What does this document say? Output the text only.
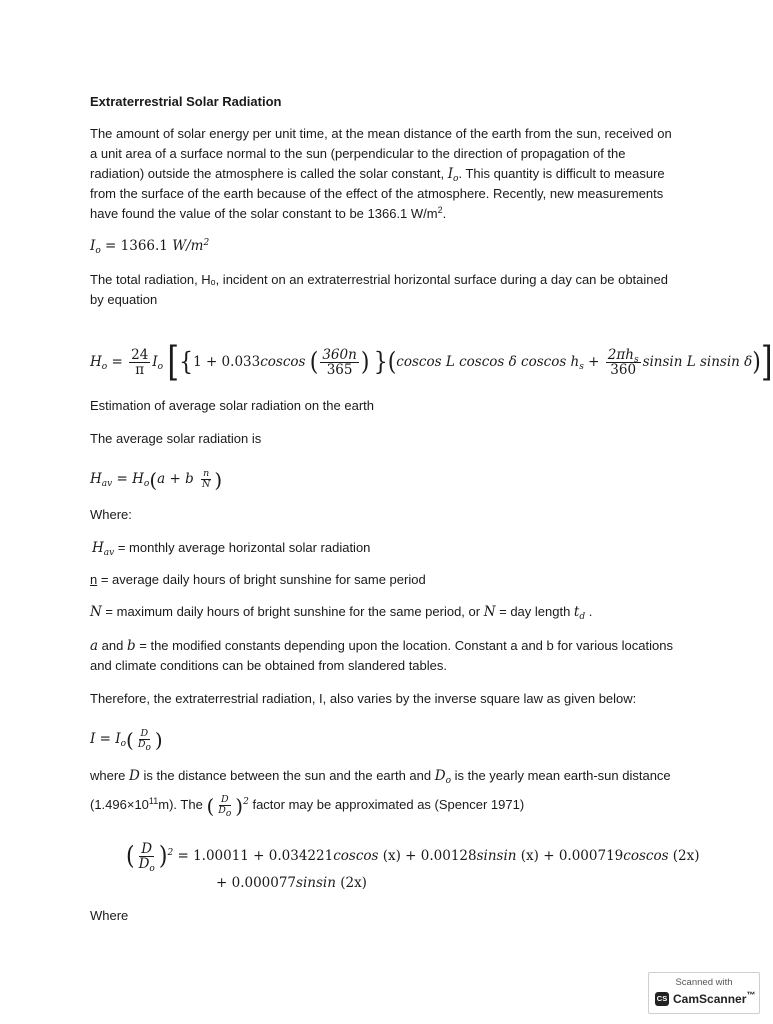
Extraterrestrial Solar Radiation
The amount of solar energy per unit time, at the mean distance of the earth from the sun, received on a unit area of a surface normal to the sun (perpendicular to the direction of propagation of the radiation) outside the atmosphere is called the solar constant, $I_o$. This quantity is difficult to measure from the surface of the earth because of the effect of the atmosphere. Recently, new measurements have found the value of the solar constant to be 1366.1 $W/m^2$.
$I_o = 1366.1$ $W/m^2$
The total radiation, Hₒ, incident on an extraterrestrial horizontal surface during a day can be obtained by equation
$H_o = \frac{24}{\pi} I_o$ [{1 + 0.033coscos ( $\frac{360n}{365}$ ) }(coscos L coscos δ coscos $h_s + \frac{2\pi h_s}{360}$ sinsin L sinsin δ)]
Estimation of average solar radiation on the earth
The average solar radiation is
$H_{av} = H_o(a + b \frac{n}{N}$ )
Where:
$H_{av}$ = monthly average horizontal solar radiation
n = average daily hours of bright sunshine for same period
N = maximum daily hours of bright sunshine for the same period, or N = day length $t_d$ .
a and b = the modified constants depending upon the location. Constant a and b for various locations and climate conditions can be obtained from slandered tables.
Therefore, the extraterrestrial radiation, I, also varies by the inverse square law as given below:
$I = I_o( \frac{D}{D_o}$ )
where D is the distance between the sun and the earth and $D_o$ is the yearly mean earth-sun distance
$(1.496\times 10^{11}m)$. The ( $\frac{D}{D_o} )^2$ factor may be approximated as (Spencer 1971)
( $\frac{D}{D_o} )^2 = 1.00011 + 0.034221coscos$ (x) + 0.00128sinsin (x) + 0.000719coscos (2x)
+ 0.000077sinsin (2x)
Where
Scanned with
CS CamScanner™
